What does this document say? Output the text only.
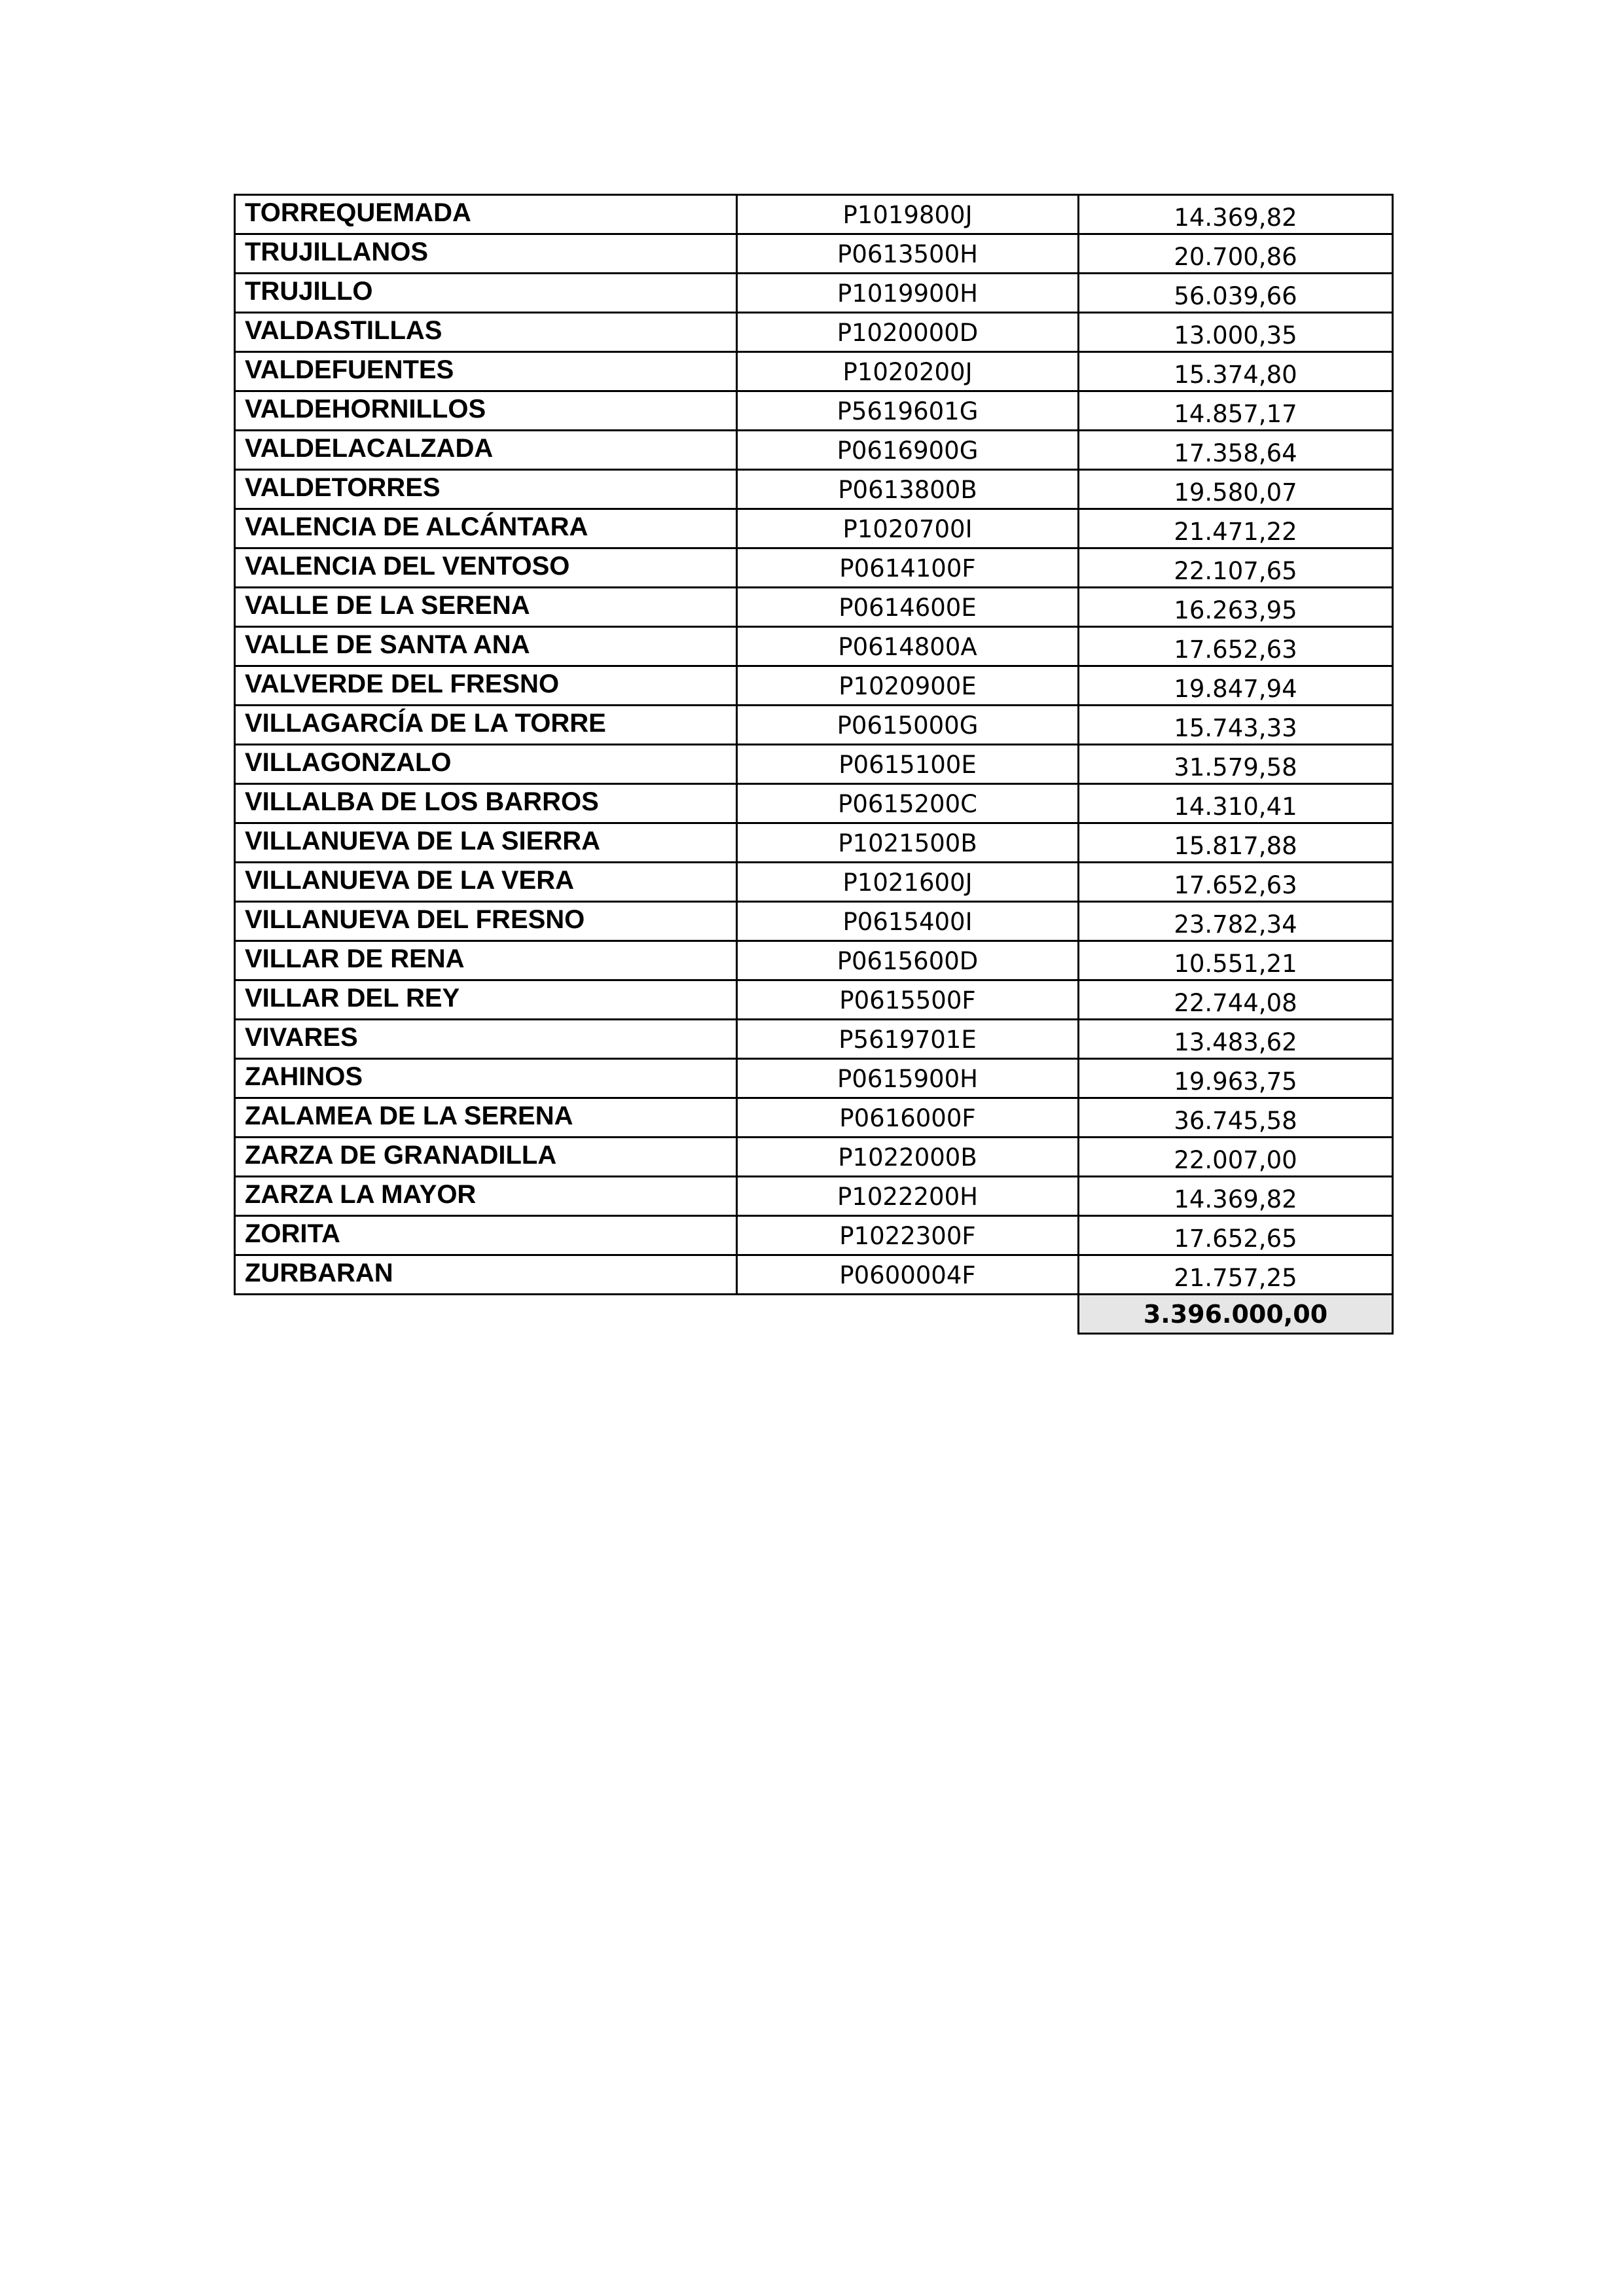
TORREQUEMADA	P1019800J	14.369,82
TRUJILLANOS	P0613500H	20.700,86
TRUJILLO	P1019900H	56.039,66
VALDASTILLAS	P1020000D	13.000,35
VALDEFUENTES	P1020200J	15.374,80
VALDEHORNILLOS	P5619601G	14.857,17
VALDELACALZADA	P0616900G	17.358,64
VALDETORRES	P0613800B	19.580,07
VALENCIA DE ALCÁNTARA	P1020700I	21.471,22
VALENCIA DEL VENTOSO	P0614100F	22.107,65
VALLE DE LA SERENA	P0614600E	16.263,95
VALLE DE SANTA ANA	P0614800A	17.652,63
VALVERDE DEL FRESNO	P1020900E	19.847,94
VILLAGARCÍA DE LA TORRE	P0615000G	15.743,33
VILLAGONZALO	P0615100E	31.579,58
VILLALBA DE LOS BARROS	P0615200C	14.310,41
VILLANUEVA DE LA SIERRA	P1021500B	15.817,88
VILLANUEVA DE LA VERA	P1021600J	17.652,63
VILLANUEVA DEL FRESNO	P0615400I	23.782,34
VILLAR DE RENA	P0615600D	10.551,21
VILLAR DEL REY	P0615500F	22.744,08
VIVARES	P5619701E	13.483,62
ZAHINOS	P0615900H	19.963,75
ZALAMEA DE LA SERENA	P0616000F	36.745,58
ZARZA DE GRANADILLA	P1022000B	22.007,00
ZARZA LA MAYOR	P1022200H	14.369,82
ZORITA	P1022300F	17.652,65
ZURBARAN	P0600004F	21.757,25
		3.396.000,00
